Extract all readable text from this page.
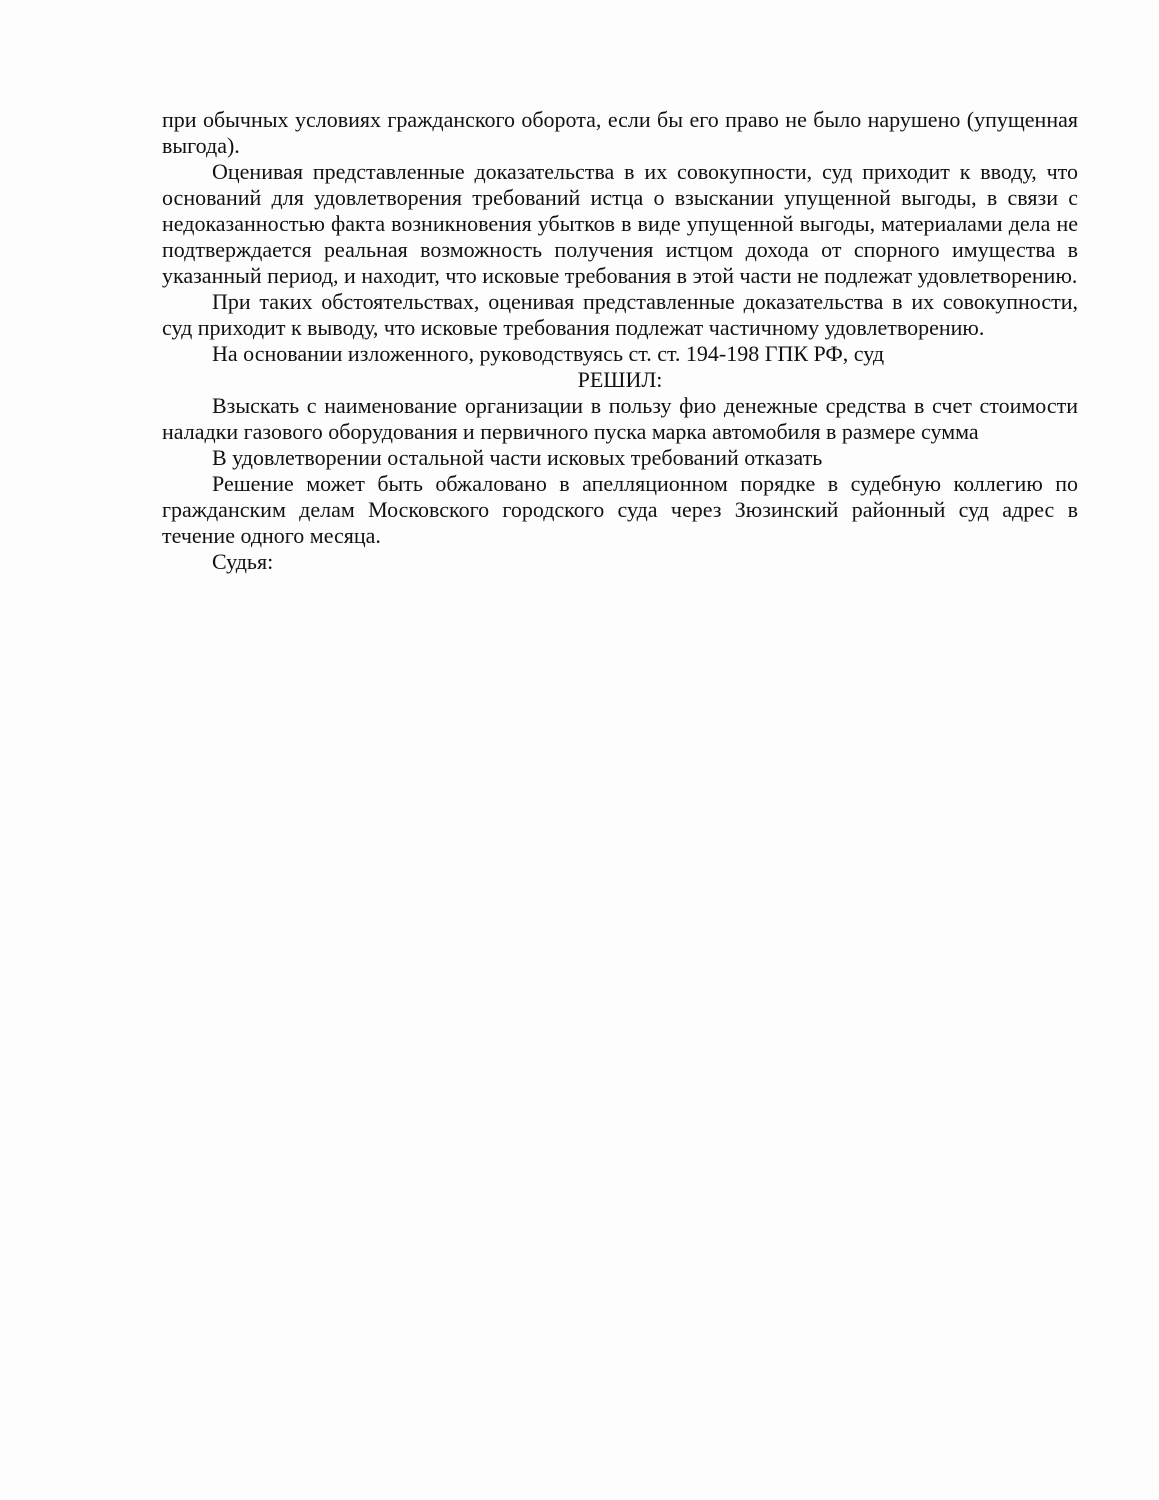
при обычных условиях гражданского оборота, если бы его право не было нарушено (упущенная выгода).

Оценивая представленные доказательства в их совокупности, суд приходит к вводу, что оснований для удовлетворения требований истца о взыскании упущенной выгоды, в связи с недоказанностью факта возникновения убытков в виде упущенной выгоды, материалами дела не подтверждается реальная возможность получения истцом дохода от спорного имущества в указанный период, и находит, что исковые требования в этой части не подлежат удовлетворению.

При таких обстоятельствах, оценивая представленные доказательства в их совокупности, суд приходит к выводу, что исковые требования подлежат частичному удовлетворению.

На основании изложенного, руководствуясь ст. ст. 194-198 ГПК РФ, суд

РЕШИЛ:

Взыскать с наименование организации в пользу фио денежные средства в счет стоимости наладки газового оборудования и первичного пуска марка автомобиля в размере сумма

В удовлетворении остальной части исковых требований отказать

Решение может быть обжаловано в апелляционном порядке в судебную коллегию по гражданским делам Московского городского суда через Зюзинский районный суд адрес в течение одного месяца.

Судья:
